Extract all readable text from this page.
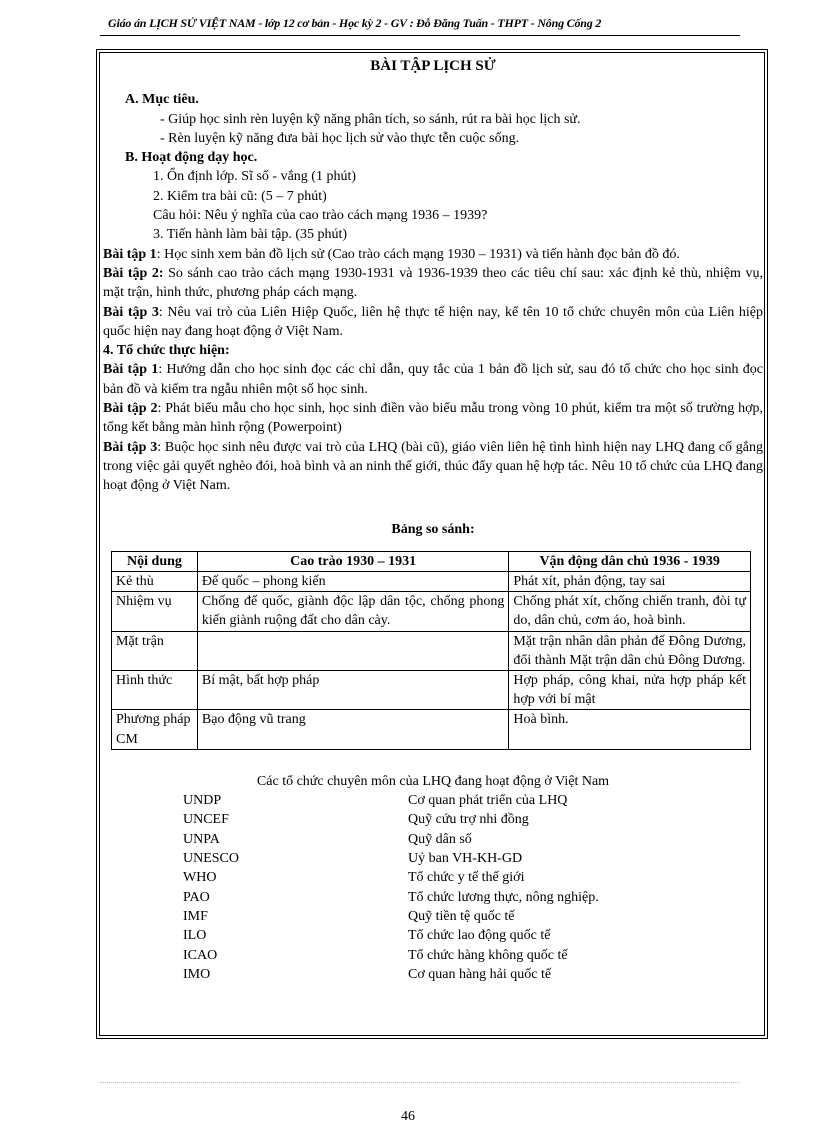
Giáo án LỊCH SỬ VIỆT NAM - lớp 12 cơ bản - Học kỳ 2 - GV : Đỗ Đăng Tuấn - THPT - Nông Cống 2
BÀI TẬP LỊCH SỬ
A. Mục tiêu.
- Giúp học sinh rèn luyện kỹ năng phân tích, so sánh, rút ra bài học lịch sử.
- Rèn luyện kỹ năng đưa bài học lịch sử vào thực tễn cuộc sống.
B. Hoạt động dạy học.
1. Ổn định lớp. Sĩ số - vắng (1 phút)
2. Kiểm tra bài cũ: (5 – 7 phút)
Câu hỏi: Nêu ý nghĩa của cao trào cách mạng 1936 – 1939?
3. Tiến hành làm bài tập. (35 phút)
Bài tập 1: Học sinh xem bản đồ lịch sử (Cao trào cách mạng 1930 – 1931) và tiến hành đọc bản đồ đó.
Bài tập 2: So sánh cao trào cách mạng 1930-1931 và 1936-1939 theo các tiêu chí sau: xác định kẻ thù, nhiệm vụ, mặt trận, hình thức, phương pháp cách mạng.
Bài tập 3: Nêu vai trò của Liên Hiệp Quốc, liên hệ thực tế hiện nay, kể tên 10 tổ chức chuyên môn của Liên hiệp quốc hiện nay đang hoạt động ở Việt Nam.
4. Tổ chức thực hiện:
Bài tập 1: Hướng dẫn cho học sinh đọc các chỉ dẫn, quy tắc của 1 bản đồ lịch sử, sau đó tổ chức cho học sinh đọc bản đồ và kiểm tra ngẫu nhiên một số học sinh.
Bài tập 2: Phát biểu mẫu cho học sinh, học sinh điền vào biểu mẫu trong vòng 10 phút, kiểm tra một số trường hợp, tổng kết bằng màn hình rộng (Powerpoint)
Bài tập 3: Buộc học sinh nêu được vai trò của LHQ (bài cũ), giáo viên liên hệ tình hình hiện nay LHQ đang cố gắng trong việc gải quyết nghèo đói, hoà bình và an ninh thế giới, thúc đẩy quan hệ hợp tác. Nêu 10 tổ chức của LHQ đang hoạt động ở Việt Nam.
Bảng so sánh:
Nội dung	Cao trào 1930 – 1931	Vận động dân chủ 1936 - 1939
Kẻ thù	Đế quốc – phong kiến	Phát xít, phản động, tay sai
Nhiệm vụ	Chống đế quốc, giành độc lập dân tộc, chống phong kiến giành ruộng đất cho dân cày.	Chống phát xít, chống chiến tranh, đòi tự do, dân chủ, cơm áo, hoà bình.
Mặt trận		Mặt trận nhân dân phản đế Đông Dương, đổi thành Mặt trận dân chủ Đông Dương.
Hình thức	Bí mật, bất hợp pháp	Hợp pháp, công khai, nửa hợp pháp kết hợp với bí mật
Phương pháp CM	Bạo động vũ trang	Hoà bình.
Các tổ chức chuyên môn của LHQ đang hoạt động ở Việt Nam
UNDP	Cơ quan phát triển của LHQ
UNCEF	Quỹ cứu trợ nhi đồng
UNPA	Quỹ dân số
UNESCO	Uỷ ban VH-KH-GD
WHO	Tổ chức y tế thế giới
PAO	Tổ chức lương thực, nông nghiệp.
IMF	Quỹ tiền tệ quốc tế
ILO	Tổ chức lao động quốc tế
ICAO	Tổ chức hàng không quốc tế
IMO	Cơ quan hàng hải quốc tế
46
